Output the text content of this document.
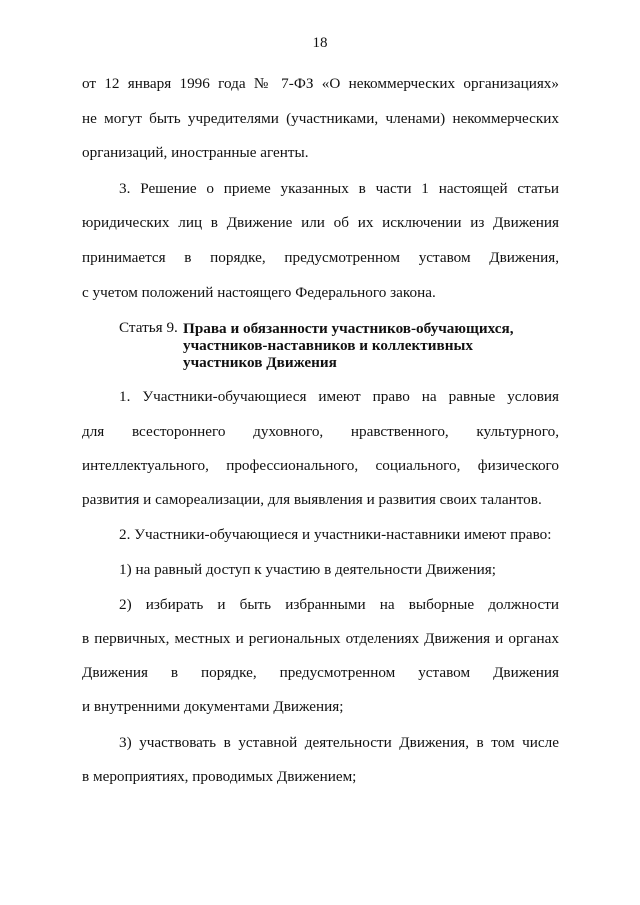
18
от 12 января 1996 года № 7-ФЗ «О некоммерческих организациях»
не могут быть учредителями (участниками, членами) некоммерческих
организаций, иностранные агенты.
3. Решение о приеме указанных в части 1 настоящей статьи
юридических лиц в Движение или об их исключении из Движения
принимается в порядке, предусмотренном уставом Движения,
с учетом положений настоящего Федерального закона.
Статья 9. Права и обязанности участников-обучающихся, участников-наставников и коллективных участников Движения
1. Участники-обучающиеся имеют право на равные условия
для всестороннего духовного, нравственного, культурного,
интеллектуального, профессионального, социального, физического
развития и самореализации, для выявления и развития своих талантов.
2. Участники-обучающиеся и участники-наставники имеют право:
1) на равный доступ к участию в деятельности Движения;
2) избирать и быть избранными на выборные должности
в первичных, местных и региональных отделениях Движения и органах
Движения в порядке, предусмотренном уставом Движения
и внутренними документами Движения;
3) участвовать в уставной деятельности Движения, в том числе
в мероприятиях, проводимых Движением;
